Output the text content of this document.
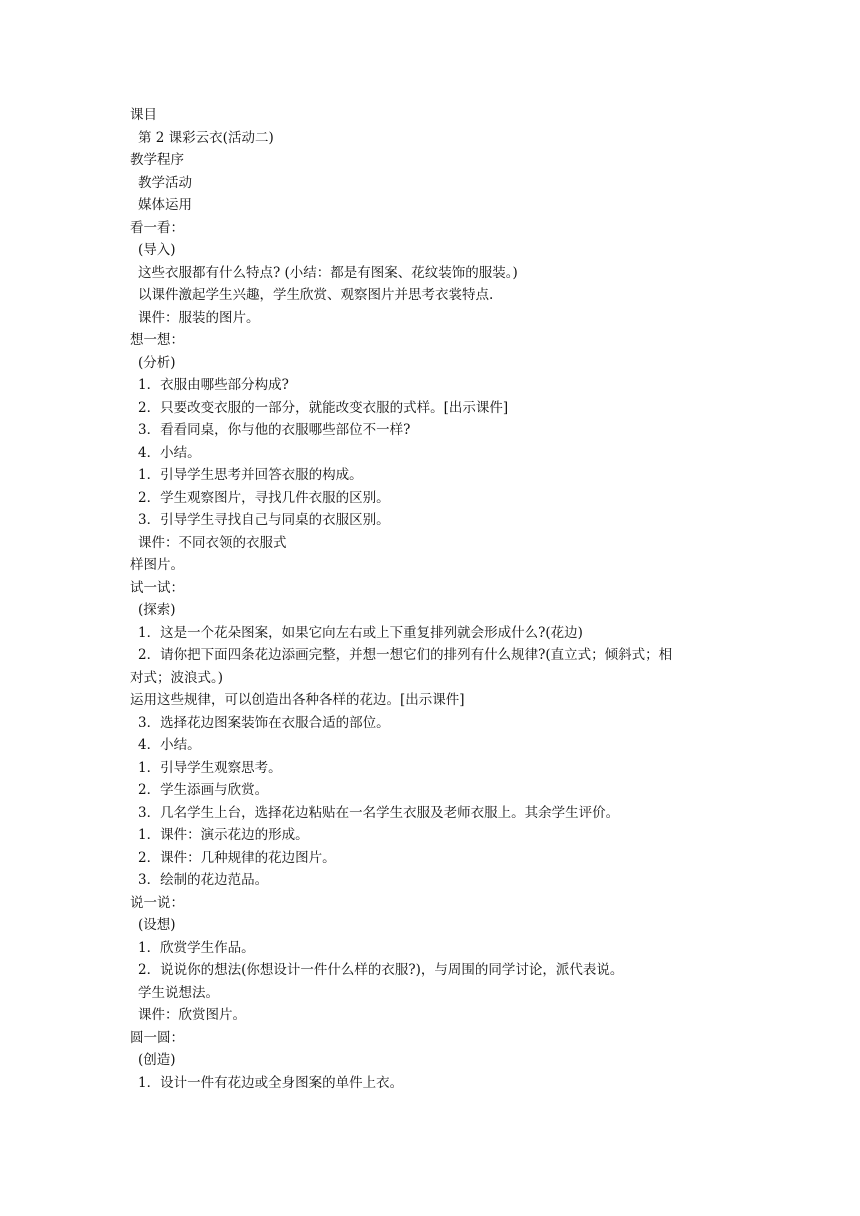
课目
第 2 课彩云衣(活动二)
教学程序
教学活动
媒体运用
看一看：
(导入)
这些衣服都有什么特点? (小结：都是有图案、花纹装饰的服装。)
以课件激起学生兴趣，学生欣赏、观察图片并思考衣裳特点.
课件：服装的图片。
想一想：
(分析)
1．衣服由哪些部分构成?
2．只要改变衣服的一部分，就能改变衣服的式样。[出示课件]
3．看看同桌，你与他的衣服哪些部位不一样?
4．小结。
1．引导学生思考并回答衣服的构成。
2．学生观察图片，寻找几件衣服的区别。
3．引导学生寻找自己与同桌的衣服区别。
课件：不同衣领的衣服式
样图片。
试一试：
(探索)
1．这是一个花朵图案，如果它向左右或上下重复排列就会形成什么?(花边)
2．请你把下面四条花边添画完整，并想一想它们的排列有什么规律?(直立式；倾斜式；相
对式；波浪式。)
运用这些规律，可以创造出各种各样的花边。[出示课件]
3．选择花边图案装饰在衣服合适的部位。
4．小结。
1．引导学生观察思考。
2．学生添画与欣赏。
3．几名学生上台，选择花边粘贴在一名学生衣服及老师衣服上。其余学生评价。
1．课件：演示花边的形成。
2．课件：几种规律的花边图片。
3．绘制的花边范品。
说一说：
(设想)
1．欣赏学生作品。
2．说说你的想法(你想设计一件什么样的衣服?)，与周围的同学讨论，派代表说。
学生说想法。
课件：欣赏图片。
圆一圆：
(创造)
1．设计一件有花边或全身图案的单件上衣。
